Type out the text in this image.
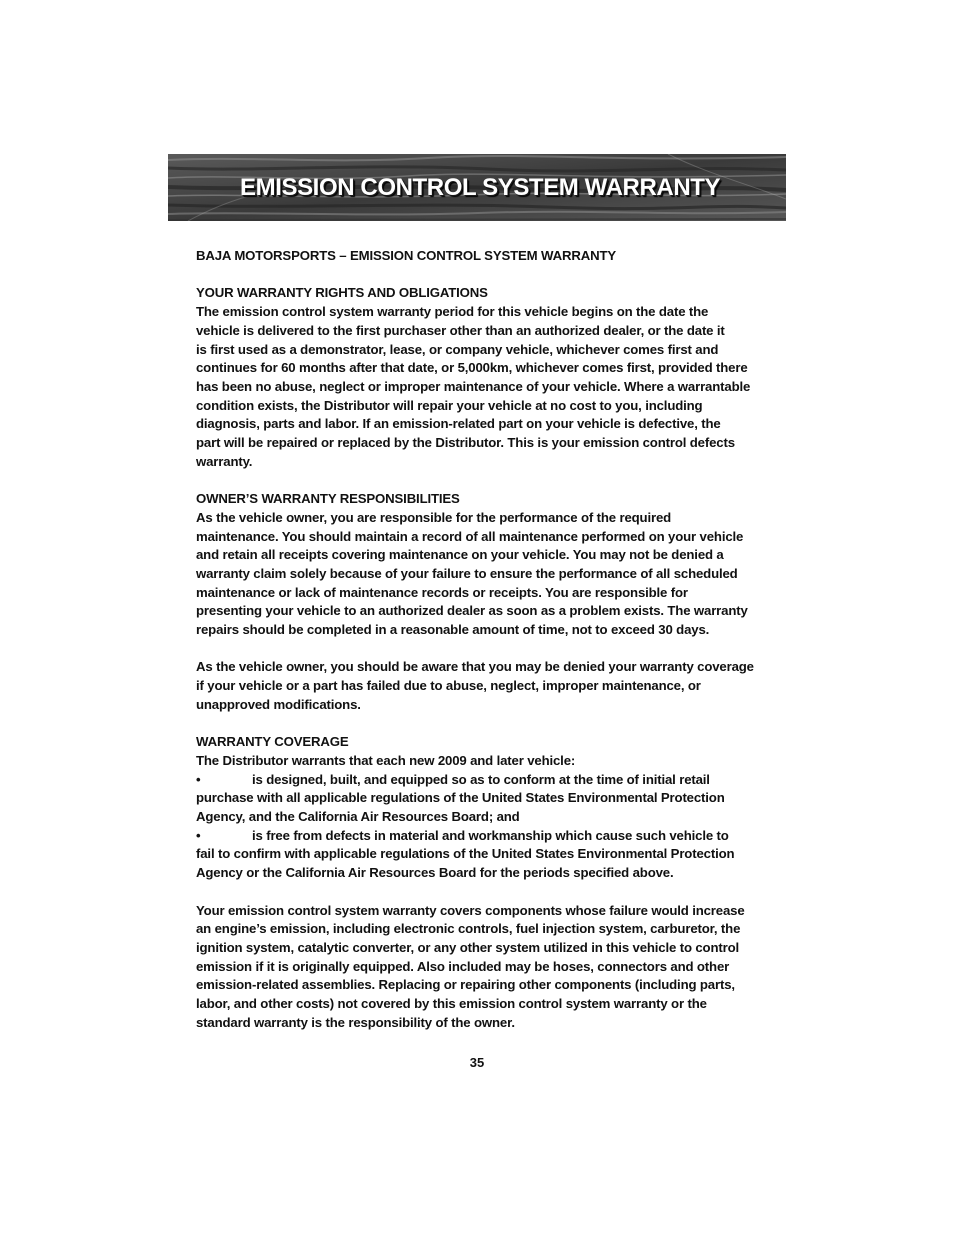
EMISSION CONTROL SYSTEM WARRANTY
BAJA MOTORSPORTS – EMISSION CONTROL SYSTEM WARRANTY
YOUR WARRANTY RIGHTS AND OBLIGATIONS
The emission control system warranty period for this vehicle begins on the date the
vehicle is delivered to the first purchaser other than an authorized dealer, or the date it
is first used as a demonstrator, lease, or company vehicle, whichever comes first and
continues for 60 months after that date, or 5,000km, whichever comes first, provided there
has been no abuse, neglect or improper maintenance of your vehicle. Where a warrantable
condition exists, the Distributor will repair your vehicle at no cost to you, including
diagnosis, parts and labor. If an emission-related part on your vehicle is defective, the
part will be repaired or replaced by the Distributor. This is your emission control defects
warranty.
OWNER’S WARRANTY RESPONSIBILITIES
As the vehicle owner, you are responsible for the performance of the required
maintenance. You should maintain a record of all maintenance performed on your vehicle
and retain all receipts covering maintenance on your vehicle. You may not be denied a
warranty claim solely because of your failure to ensure the performance of all scheduled
maintenance or lack of maintenance records or receipts. You are responsible for
presenting your vehicle to an authorized dealer as soon as a problem exists. The warranty
repairs should be completed in a reasonable amount of time, not to exceed 30 days.
As the vehicle owner, you should be aware that you may be denied your warranty coverage
if your vehicle or a part has failed due to abuse, neglect, improper maintenance, or
unapproved modifications.
WARRANTY COVERAGE
The Distributor warrants that each new 2009 and later vehicle:
•	is designed, built, and equipped so as to conform at the time of initial retail
purchase with all applicable regulations of the United States Environmental Protection
Agency, and the California Air Resources Board; and
•	is free from defects in material and workmanship which cause such vehicle to
fail to confirm with applicable regulations of the United States Environmental Protection
Agency or the California Air Resources Board for the periods specified above.
Your emission control system warranty covers components whose failure would increase
an engine’s emission, including electronic controls, fuel injection system, carburetor, the
ignition system, catalytic converter, or any other system utilized in this vehicle to control
emission if it is originally equipped. Also included may be hoses, connectors and other
emission-related assemblies. Replacing or repairing other components (including parts,
labor, and other costs) not covered by this emission control system warranty or the
standard warranty is the responsibility of the owner.
35
